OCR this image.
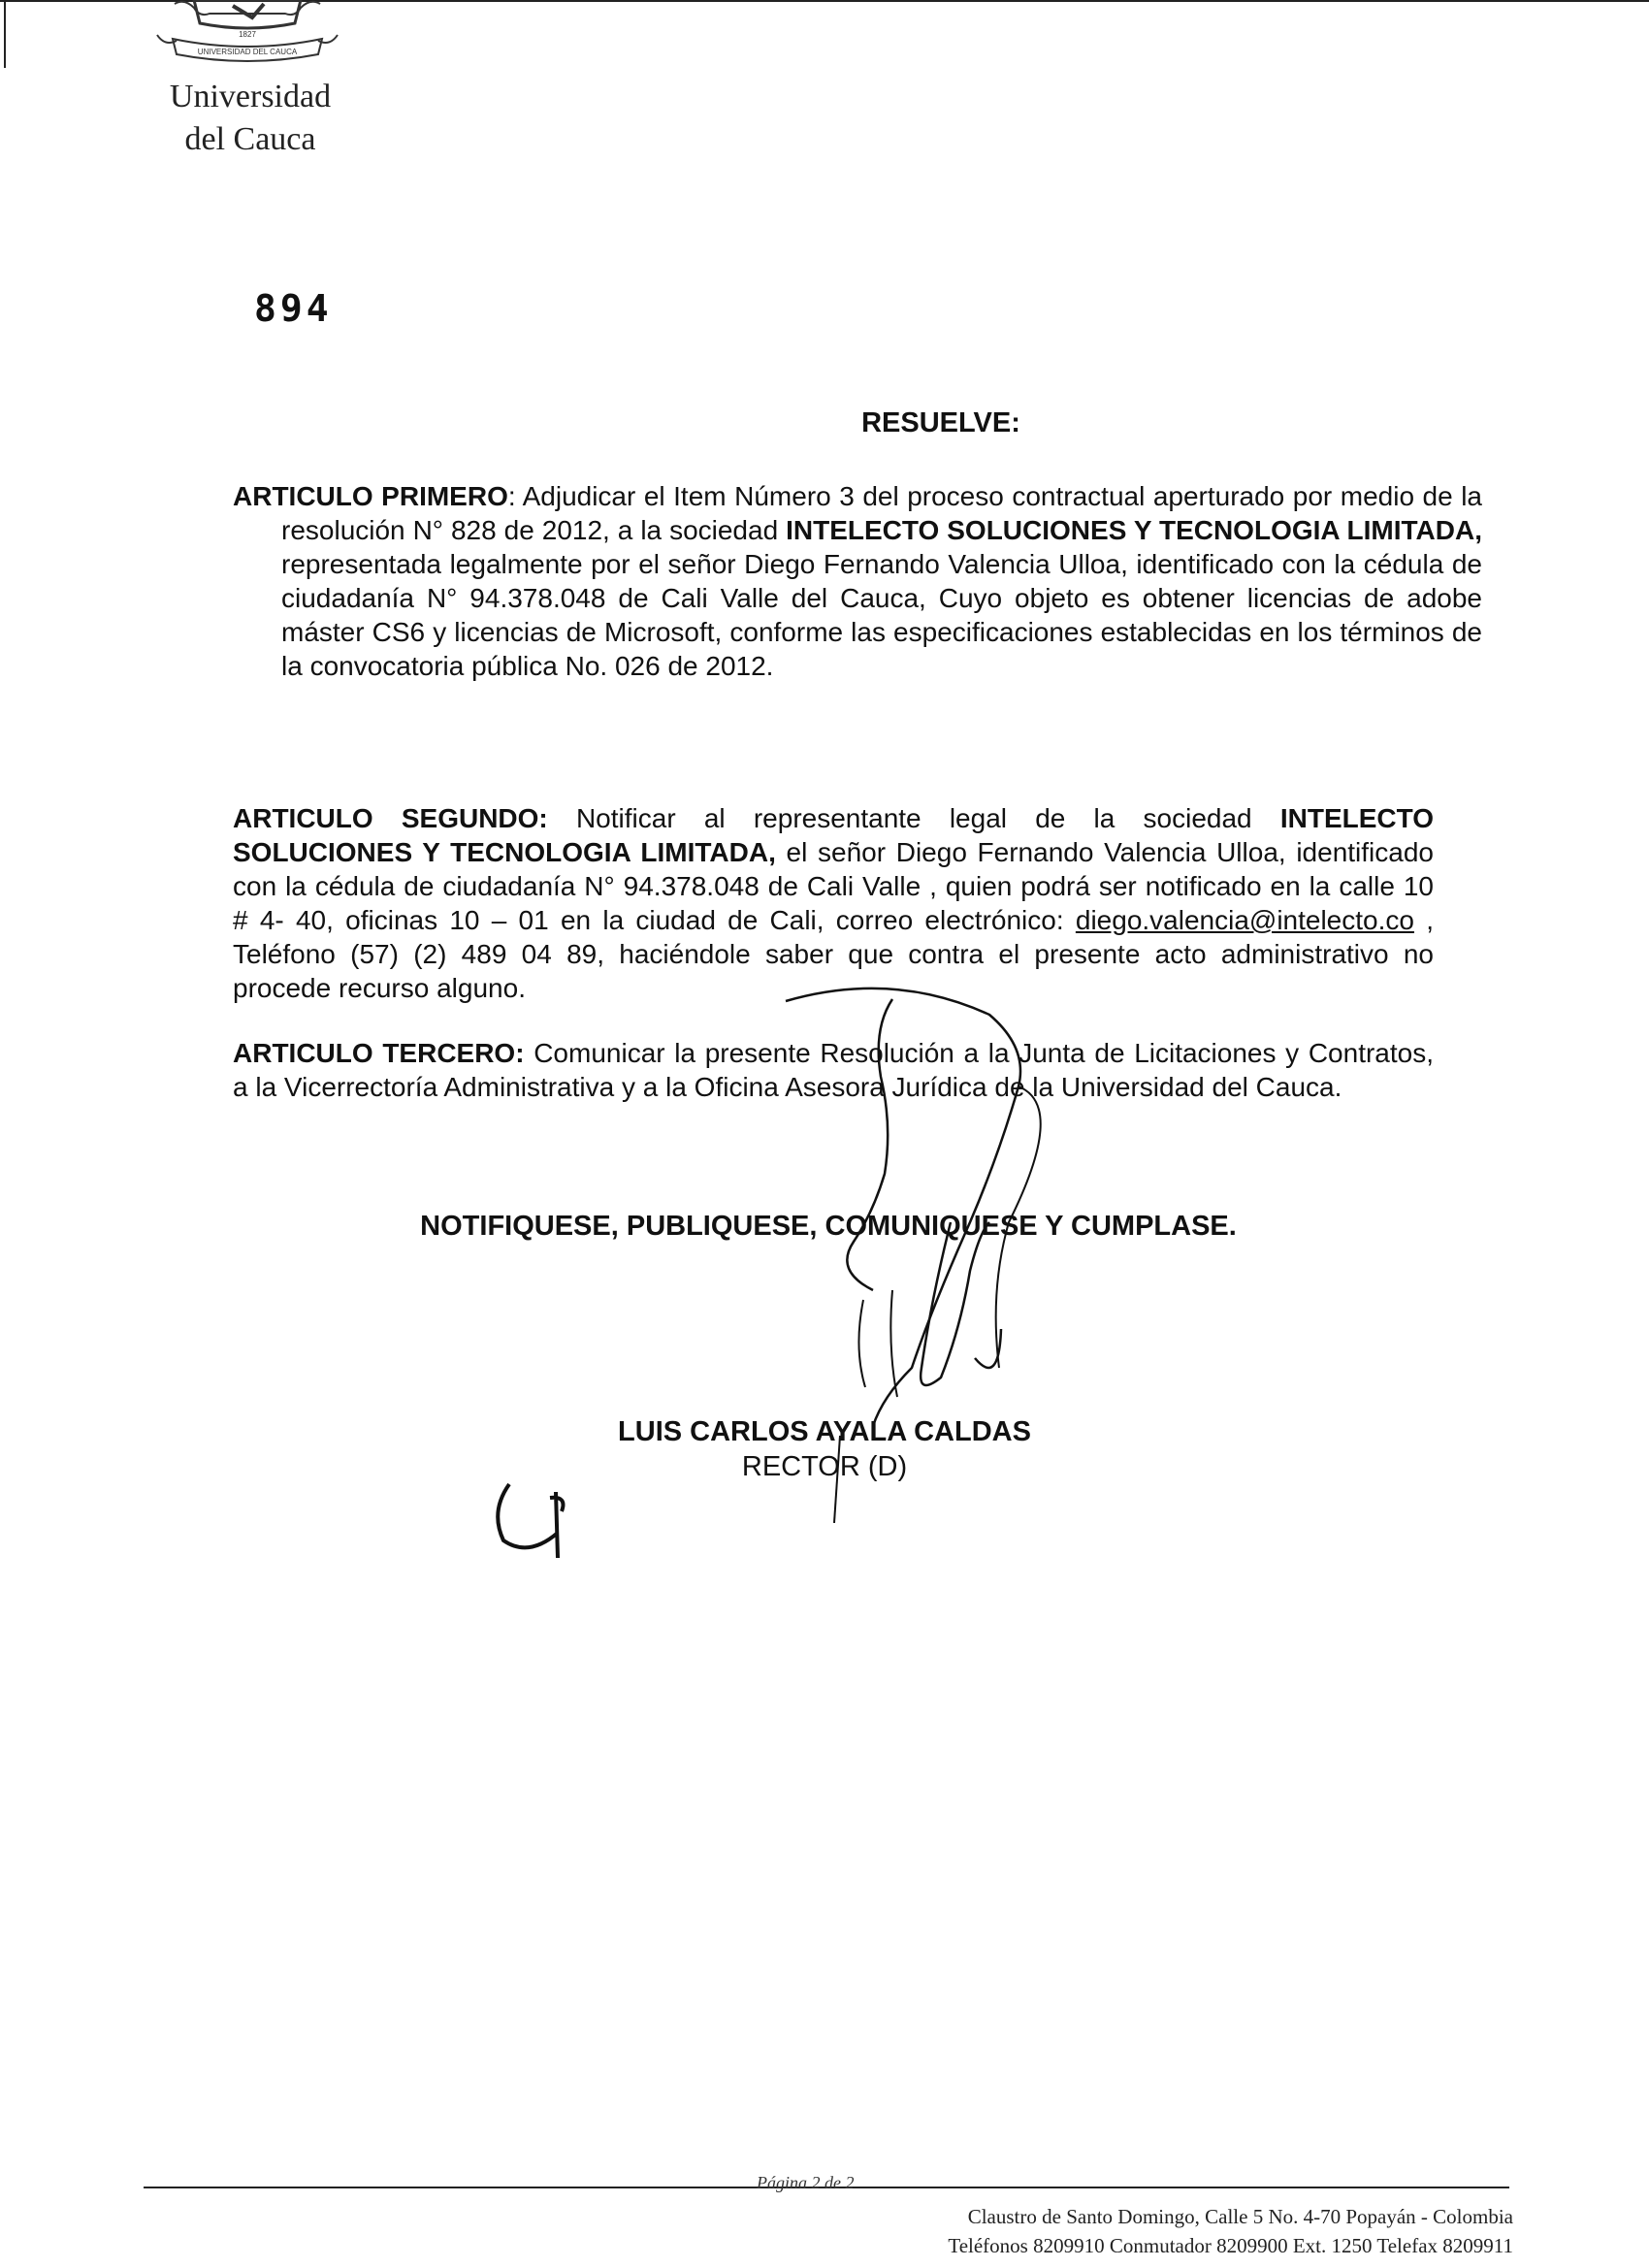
1827
UNIVERSIDAD DEL CAUCA
Universidad
del Cauca
894
RESUELVE:

ARTICULO PRIMERO: Adjudicar el Item Número 3 del proceso contractual aperturado por medio de la resolución N° 828 de 2012, a la sociedad INTELECTO SOLUCIONES Y TECNOLOGIA LIMITADA, representada legalmente por el señor Diego Fernando Valencia Ulloa, identificado con la cédula de ciudadanía N° 94.378.048 de Cali Valle del Cauca, Cuyo objeto es obtener licencias de adobe máster CS6 y licencias de Microsoft, conforme las especificaciones establecidas en los términos de la convocatoria pública No. 026 de 2012.

ARTICULO SEGUNDO: Notificar al representante legal de la sociedad INTELECTO SOLUCIONES Y TECNOLOGIA LIMITADA, el señor Diego Fernando Valencia Ulloa, identificado con la cédula de ciudadanía N° 94.378.048 de Cali Valle , quien podrá ser notificado en la calle 10 # 4- 40, oficinas 10 – 01 en la ciudad de Cali, correo electrónico: diego.valencia@intelecto.co , Teléfono (57) (2) 489 04 89, haciéndole saber que contra el presente acto administrativo no procede recurso alguno.

ARTICULO TERCERO: Comunicar la presente Resolución a la Junta de Licitaciones y Contratos, a la Vicerrectoría Administrativa y a la Oficina Asesora Jurídica de la Universidad del Cauca.

NOTIFIQUESE, PUBLIQUESE, COMUNIQUESE Y CUMPLASE.
LUIS CARLOS AYALA CALDAS
RECTOR (D)
Página 2 de 2
Claustro de Santo Domingo, Calle 5 No. 4-70 Popayán - Colombia
Teléfonos 8209910 Conmutador 8209900 Ext. 1250 Telefax 8209911
